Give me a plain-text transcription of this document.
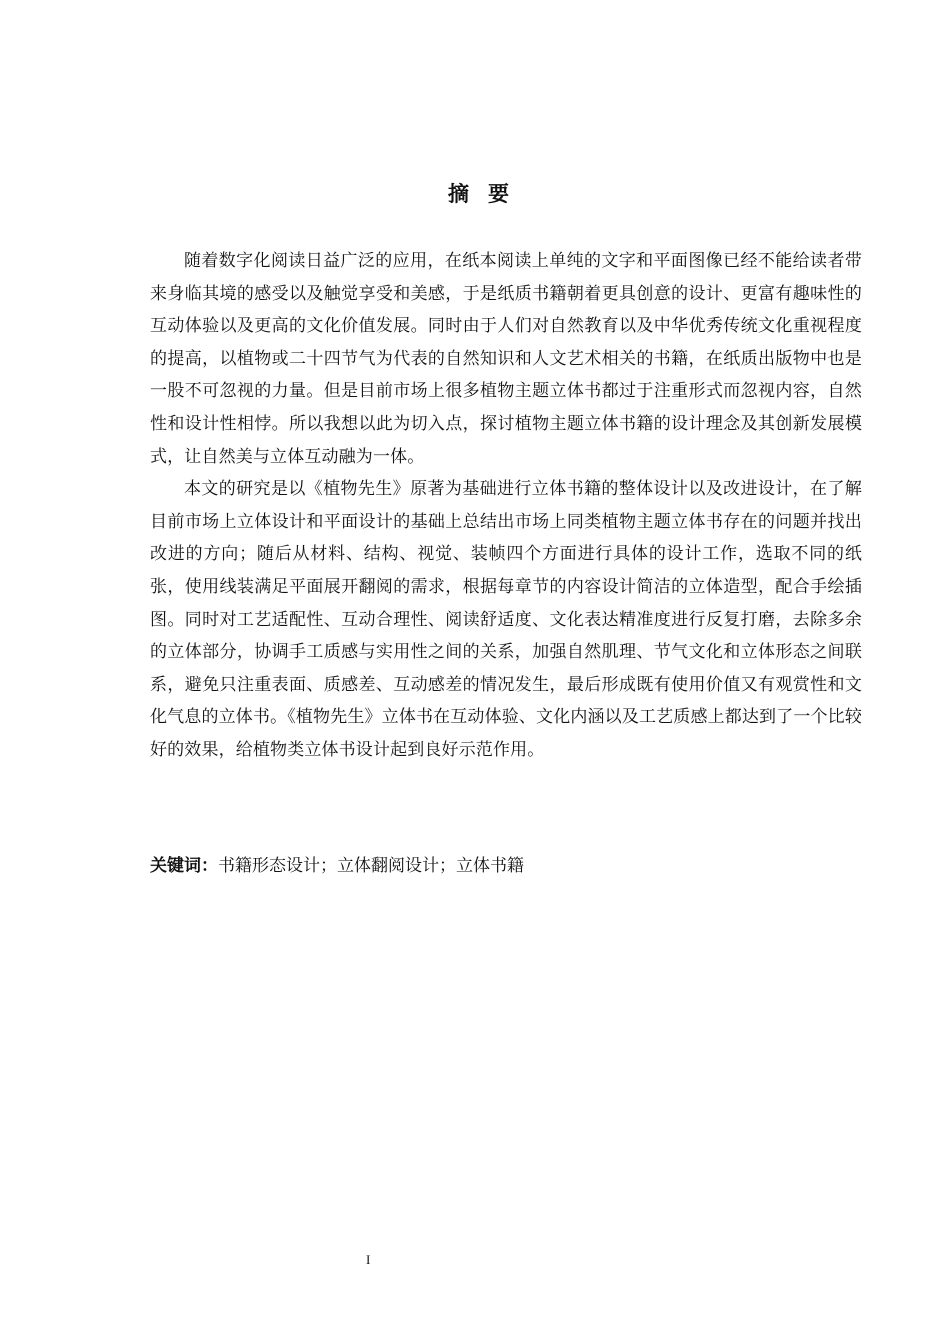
摘要

随着数字化阅读日益广泛的应用，在纸本阅读上单纯的文字和平面图像已经不能给读者带来身临其境的感受以及触觉享受和美感，于是纸质书籍朝着更具创意的设计、更富有趣味性的互动体验以及更高的文化价值发展。同时由于人们对自然教育以及中华优秀传统文化重视程度的提高，以植物或二十四节气为代表的自然知识和人文艺术相关的书籍，在纸质出版物中也是一股不可忽视的力量。但是目前市场上很多植物主题立体书都过于注重形式而忽视内容，自然性和设计性相悖。所以我想以此为切入点，探讨植物主题立体书籍的设计理念及其创新发展模式，让自然美与立体互动融为一体。

本文的研究是以《植物先生》原著为基础进行立体书籍的整体设计以及改进设计，在了解目前市场上立体设计和平面设计的基础上总结出市场上同类植物主题立体书存在的问题并找出改进的方向；随后从材料、结构、视觉、装帧四个方面进行具体的设计工作，选取不同的纸张，使用线装满足平面展开翻阅的需求，根据每章节的内容设计简洁的立体造型，配合手绘插图。同时对工艺适配性、互动合理性、阅读舒适度、文化表达精准度进行反复打磨，去除多余的立体部分，协调手工质感与实用性之间的关系，加强自然肌理、节气文化和立体形态之间联系，避免只注重表面、质感差、互动感差的情况发生，最后形成既有使用价值又有观赏性和文化气息的立体书。《植物先生》立体书在互动体验、文化内涵以及工艺质感上都达到了一个比较好的效果，给植物类立体书设计起到良好示范作用。

关键词：书籍形态设计；立体翻阅设计；立体书籍
I
